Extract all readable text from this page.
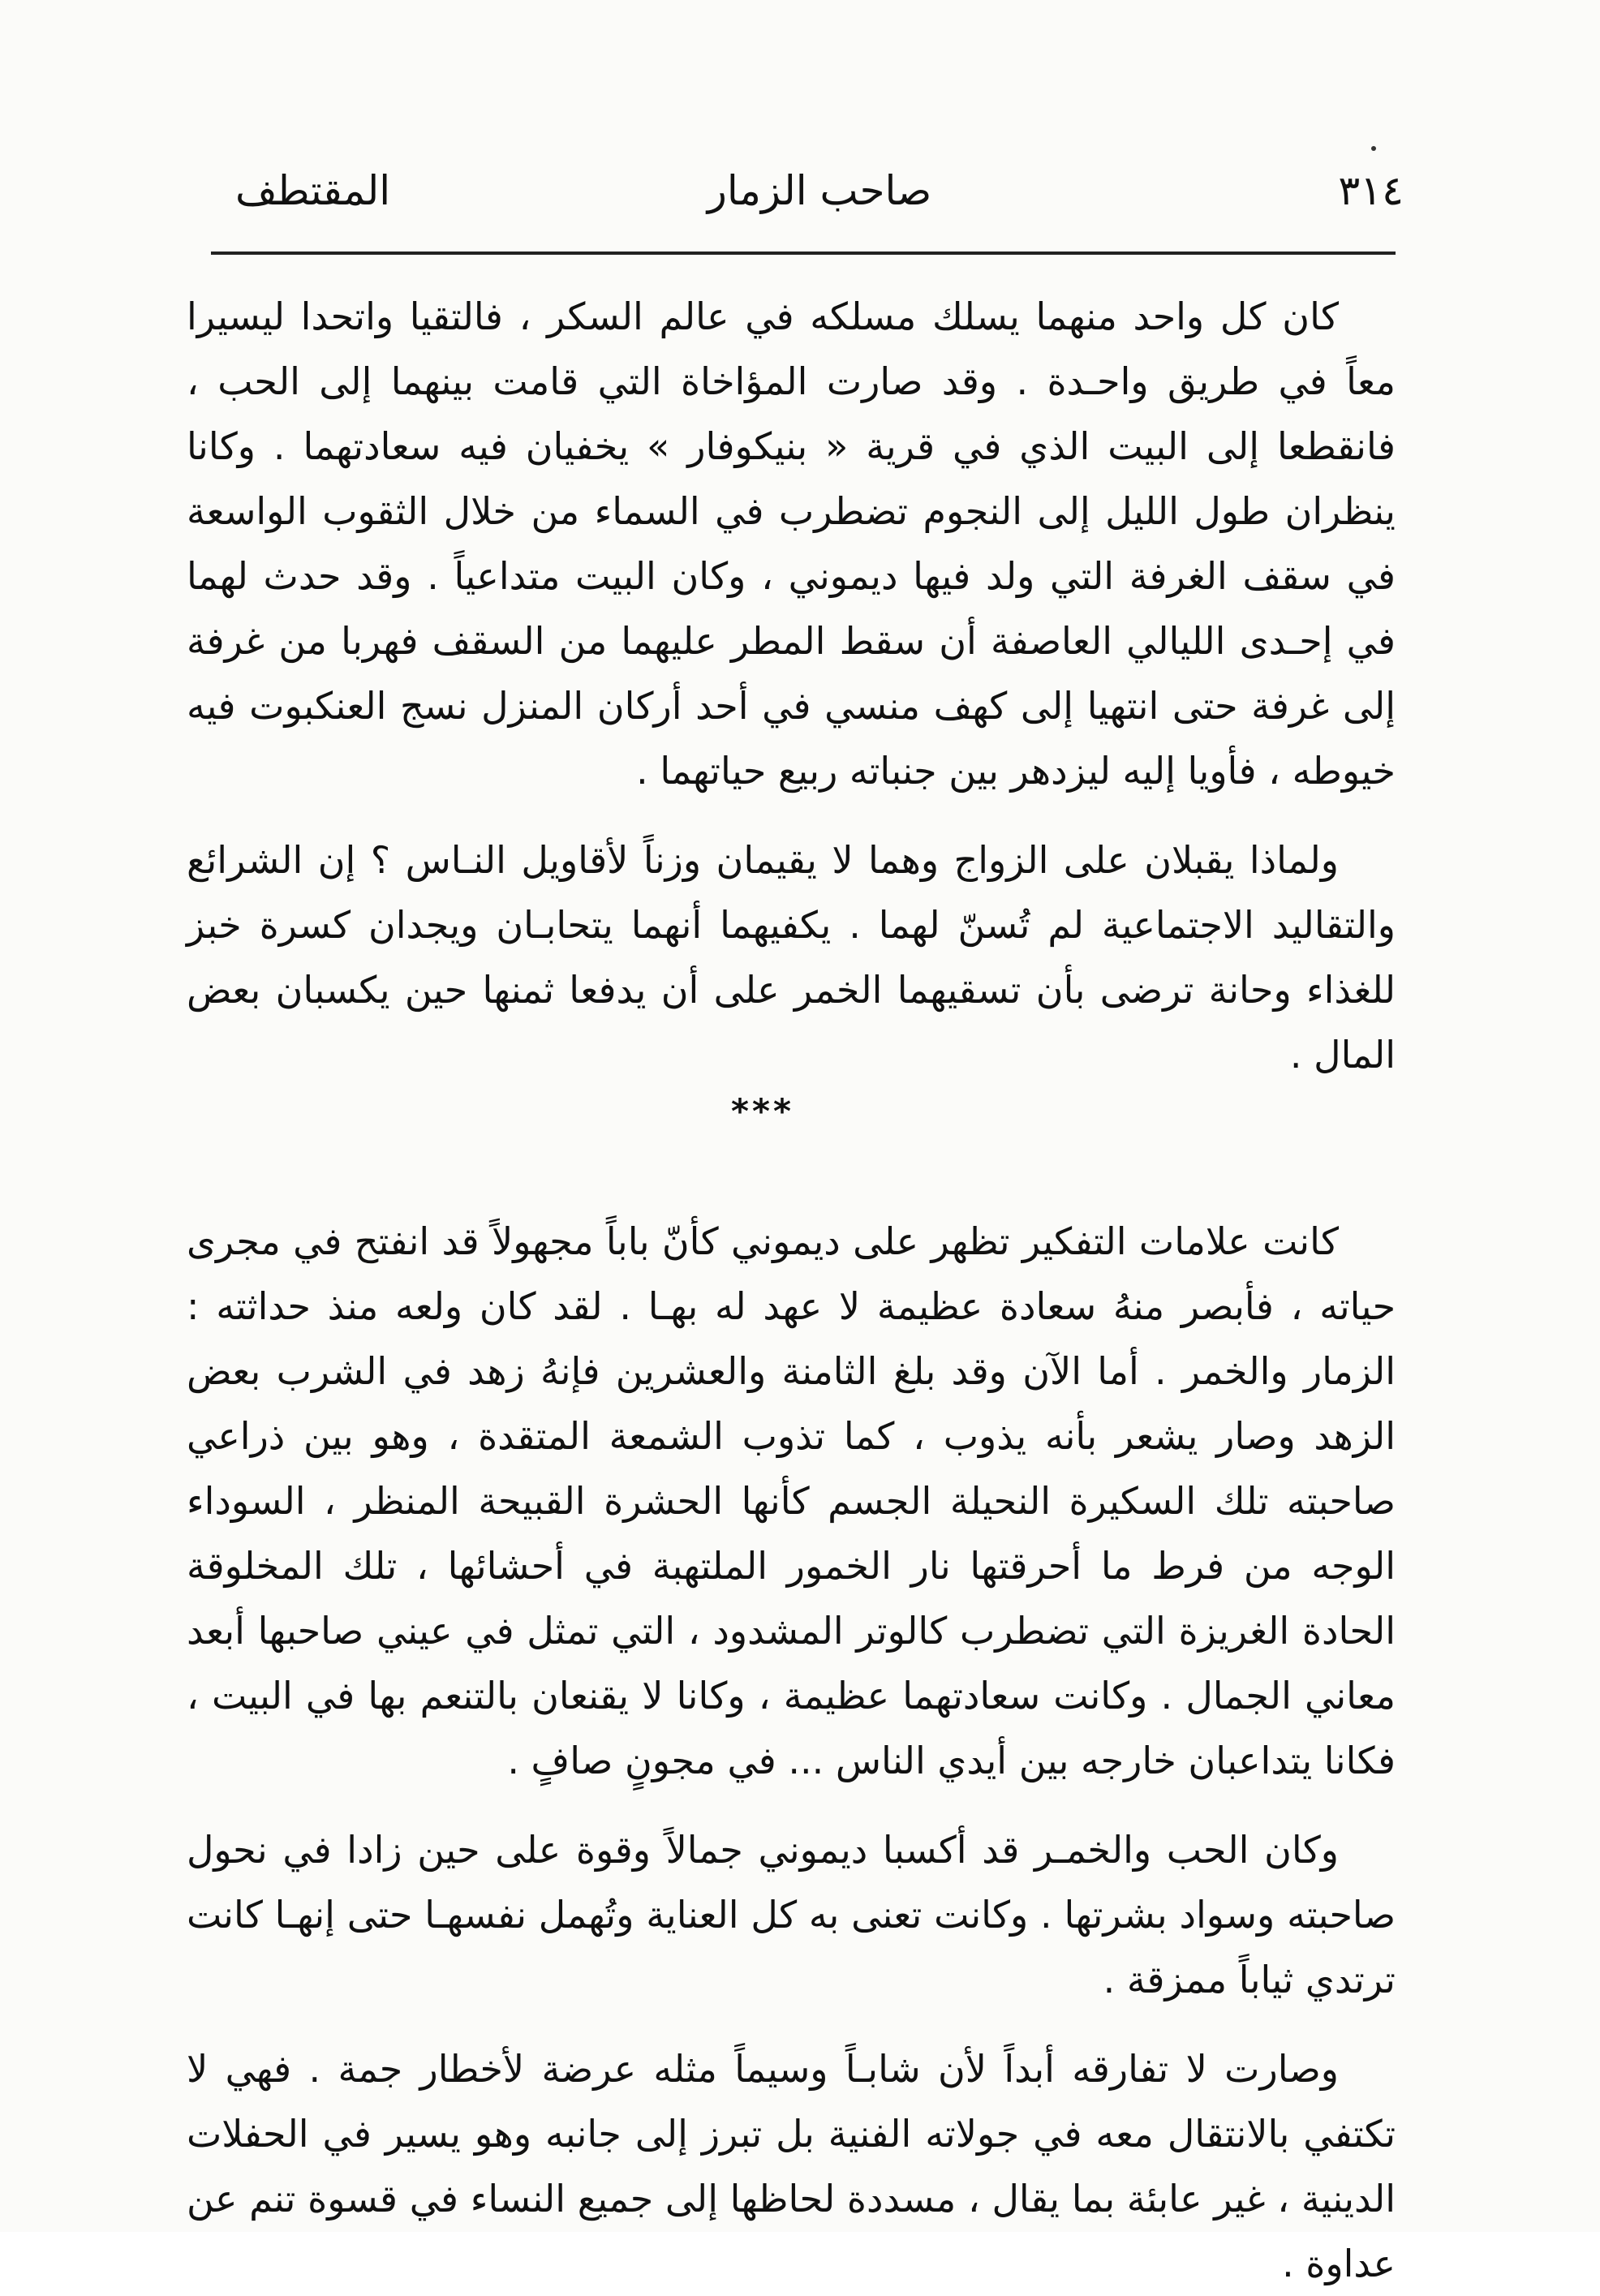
٣١٤
صاحب الزمار
المقتطف

كان كل واحد منهما يسلك مسلكه في عالم السكر ، فالتقيا واتحدا ليسيرا معاً في طريق واحـدة . وقد صارت المؤاخاة التي قامت بينهما إلى الحب ، فانقطعا إلى البيت الذي في قرية « بنيكوفار » يخفيان فيه سعادتهما . وكانا ينظران طول الليل إلى النجوم تضطرب في السماء من خلال الثقوب الواسعة في سقف الغرفة التي ولد فيها ديموني ، وكان البيت متداعياً . وقد حدث لهما في إحـدى الليالي العاصفة أن سقط المطر عليهما من السقف فهربا من غرفة إلى غرفة حتى انتهيا إلى كهف منسي في أحد أركان المنزل نسج العنكبوت فيه خيوطه ، فأويا إليه ليزدهر بين جنباته ربيع حياتهما .

ولماذا يقبلان على الزواج وهما لا يقيمان وزناً لأقاويل النـاس ؟ إن الشرائع والتقاليد الاجتماعية لم تُسنّ لهما . يكفيهما أنهما يتحابـان ويجدان كسرة خبز للغذاء وحانة ترضى بأن تسقيهما الخمر على أن يدفعا ثمنها حين يكسبان بعض المال .

***

كانت علامات التفكير تظهر على ديموني كأنّ باباً مجهولاً قد انفتح في مجرى حياته ، فأبصر منهُ سعادة عظيمة لا عهد له بهـا . لقد كان ولعه منذ حداثته : الزمار والخمر . أما الآن وقد بلغ الثامنة والعشرين فإنهُ زهد في الشرب بعض الزهد وصار يشعر بأنه يذوب ، كما تذوب الشمعة المتقدة ، وهو بين ذراعي صاحبته تلك السكيرة النحيلة الجسم كأنها الحشرة القبيحة المنظر ، السوداء الوجه من فرط ما أحرقتها نار الخمور الملتهبة في أحشائها ، تلك المخلوقة الحادة الغريزة التي تضطرب كالوتر المشدود ، التي تمثل في عيني صاحبها أبعد معاني الجمال . وكانت سعادتهما عظيمة ، وكانا لا يقنعان بالتنعم بها في البيت ، فكانا يتداعبان خارجه بين أيدي الناس ... في مجونٍ صافٍ .

وكان الحب والخمـر قد أكسبا ديموني جمالاً وقوة على حين زادا في نحول صاحبته وسواد بشرتها . وكانت تعنى به كل العناية وتُهمل نفسهـا حتى إنهـا كانت ترتدي ثياباً ممزقة .

وصارت لا تفارقه أبداً لأن شابـاً وسيماً مثله عرضة لأخطار جمة . فهي لا تكتفي بالانتقال معه في جولاته الفنية بل تبرز إلى جانبه وهو يسير في الحفلات الدينية ، غير عابئة بما يقال ، مسددة لحاظها إلى جميع النساء في قسوة تنم عن عداوة .
